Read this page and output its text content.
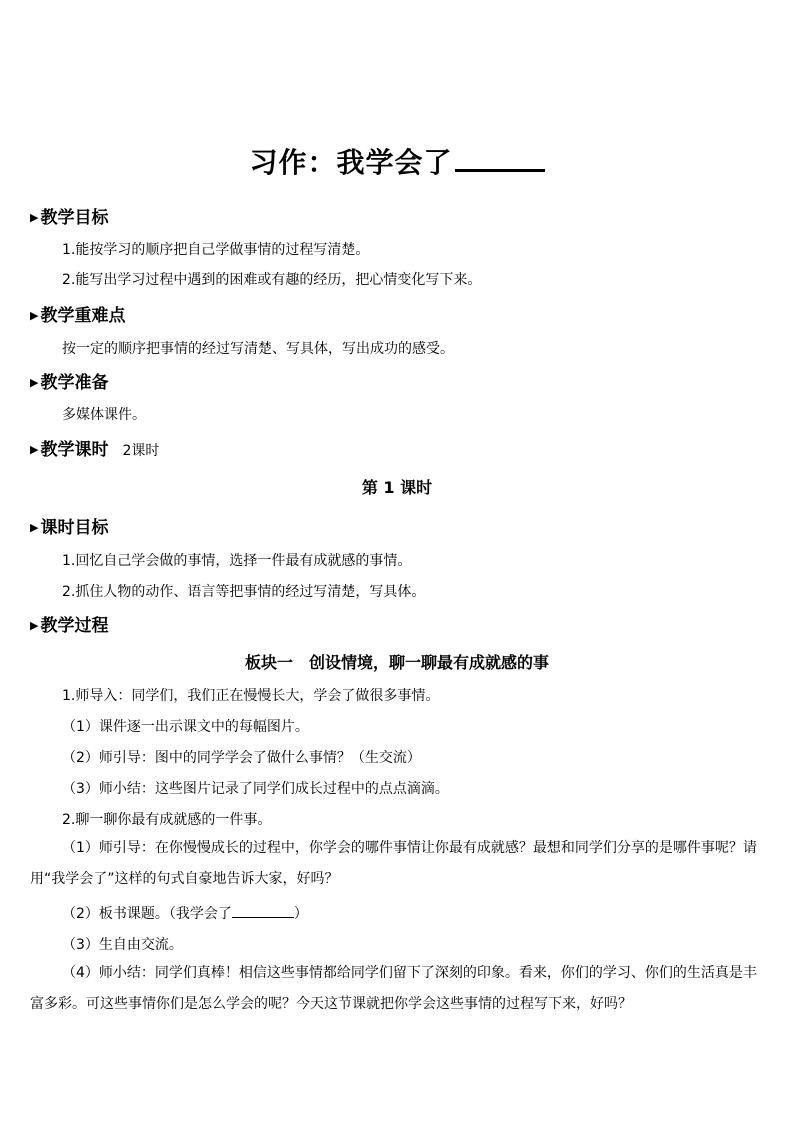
习作：我学会了
▶ 教学目标
1.能按学习的顺序把自己学做事情的过程写清楚。
2.能写出学习过程中遇到的困难或有趣的经历，把心情变化写下来。
▶ 教学重难点
按一定的顺序把事情的经过写清楚、写具体，写出成功的感受。
▶ 教学准备
多媒体课件。
▶ 教学课时 2课时
第 1 课时
▶ 课时目标
1.回忆自己学会做的事情，选择一件最有成就感的事情。
2.抓住人物的动作、语言等把事情的经过写清楚，写具体。
▶ 教学过程
板块一　创设情境，聊一聊最有成就感的事
1.师导入：同学们，我们正在慢慢长大，学会了做很多事情。
（1）课件逐一出示课文中的每幅图片。
（2）师引导：图中的同学学会了做什么事情？（生交流）
（3）师小结：这些图片记录了同学们成长过程中的点点滴滴。
2.聊一聊你最有成就感的一件事。
（1）师引导：在你慢慢成长的过程中，你学会的哪件事情让你最有成就感？最想和同学们分享的是哪件事呢？请用“我学会了”这样的句式自豪地告诉大家，好吗？
（2）板书课题。（我学会了	）
（3）生自由交流。
（4）师小结：同学们真棒！相信这些事情都给同学们留下了深刻的印象。看来，你们的学习、你们的生活真是丰富多彩。可这些事情你们是怎么学会的呢？今天这节课就把你学会这些事情的过程写下来，好吗？
